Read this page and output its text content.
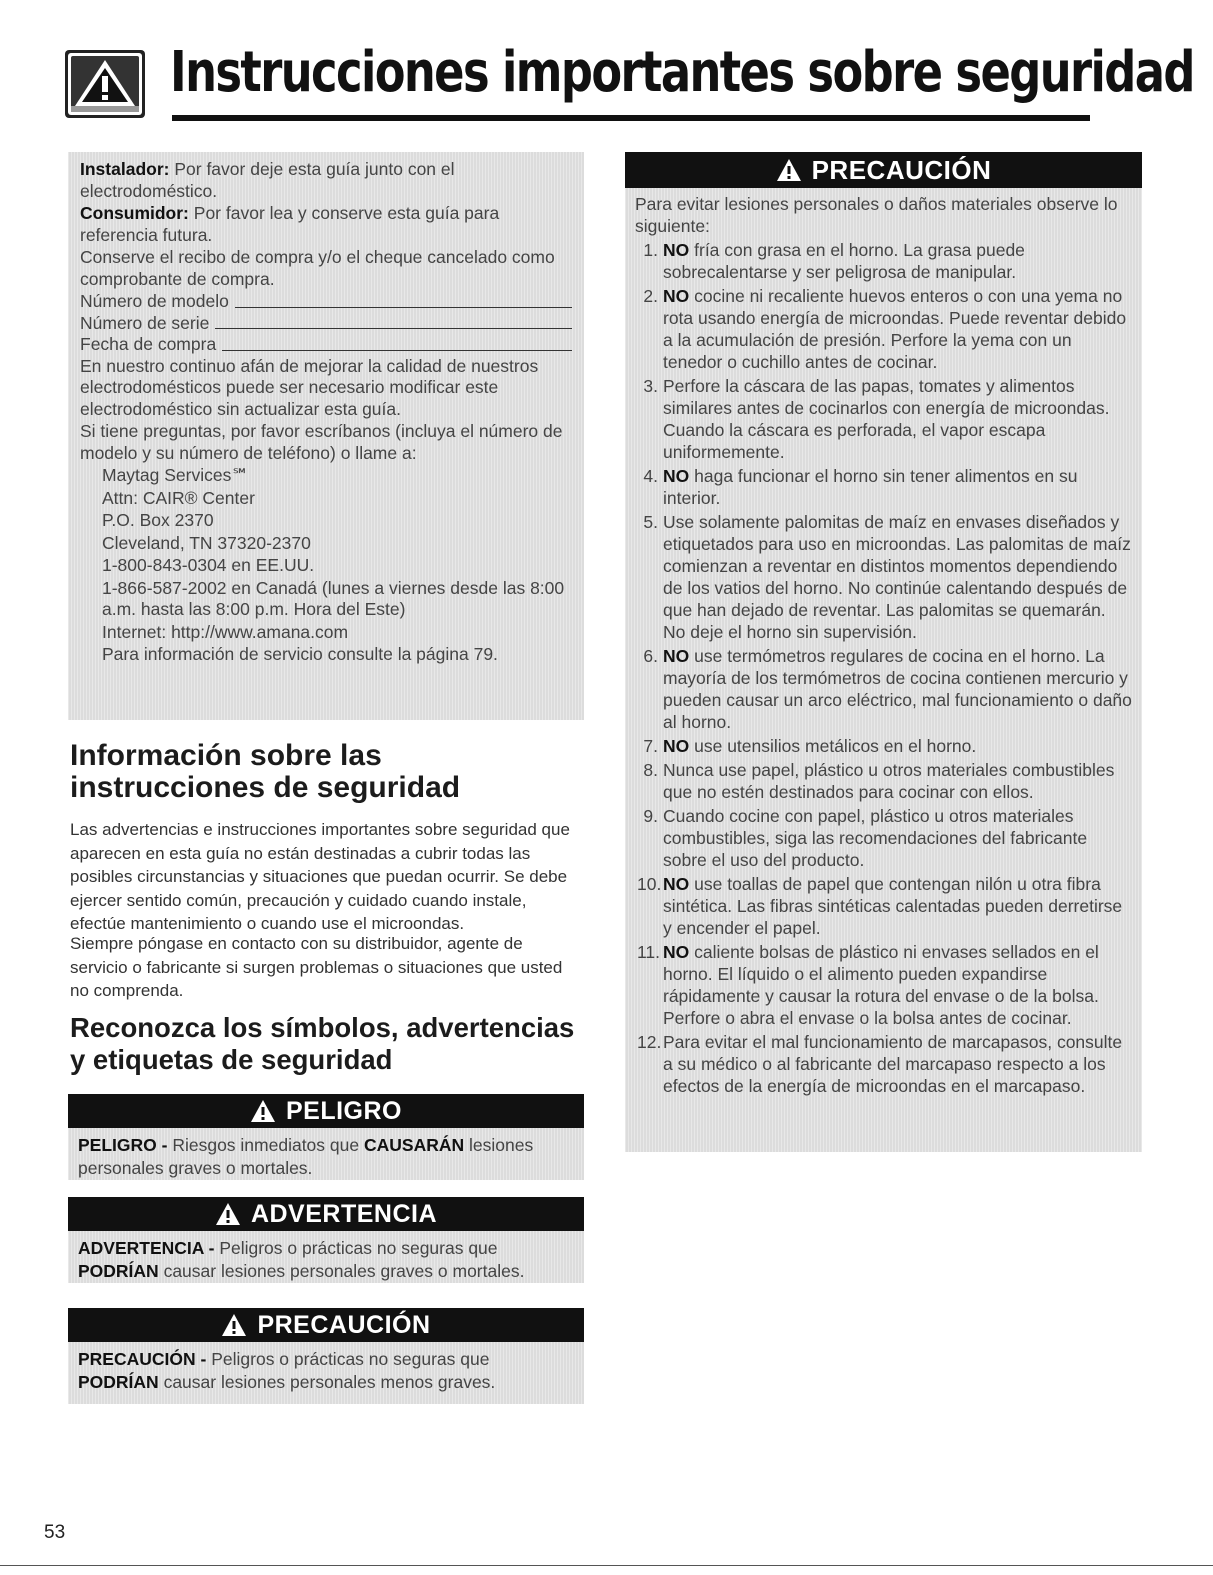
Instrucciones importantes sobre seguridad

Instalador: Por favor deje esta guía junto con el electrodoméstico.

Consumidor: Por favor lea y conserve esta guía para referencia futura.

Conserve el recibo de compra y/o el cheque cancelado como comprobante de compra.

Número de modelo
Número de serie
Fecha de compra

En nuestro continuo afán de mejorar la calidad de nuestros electrodomésticos puede ser necesario modificar este electrodoméstico sin actualizar esta guía.

Si tiene preguntas, por favor escríbanos (incluya el número de modelo y su número de teléfono) o llame a:

Maytag Services℠

Attn: CAIR® Center

P.O. Box 2370

Cleveland, TN 37320-2370

1-800-843-0304 en EE.UU.

1-866-587-2002 en Canadá (lunes a viernes desde las 8:00 a.m. hasta las 8:00 p.m. Hora del Este)

Internet: http://www.amana.com

Para información de servicio consulte la página 79.

Información sobre las instrucciones de seguridad
Las advertencias e instrucciones importantes sobre seguridad que aparecen en esta guía no están destinadas a cubrir todas las posibles circunstancias y situaciones que puedan ocurrir. Se debe ejercer sentido común, precaución y cuidado cuando instale, efectúe mantenimiento o cuando use el microondas.
Siempre póngase en contacto con su distribuidor, agente de servicio o fabricante si surgen problemas o situaciones que usted no comprenda.
Reconozca los símbolos, advertencias y etiquetas de seguridad
PELIGRO
PELIGRO - Riesgos inmediatos que CAUSARÁN lesiones personales graves o mortales.
ADVERTENCIA
ADVERTENCIA - Peligros o prácticas no seguras que PODRÍAN causar lesiones personales graves o mortales.
PRECAUCIÓN
PRECAUCIÓN - Peligros o prácticas no seguras que PODRÍAN causar lesiones personales menos graves.
PRECAUCIÓN
Para evitar lesiones personales o daños materiales observe lo siguiente:
1. NO fría con grasa en el horno. La grasa puede sobrecalentarse y ser peligrosa de manipular.
2. NO cocine ni recaliente huevos enteros o con una yema no rota usando energía de microondas. Puede reventar debido a la acumulación de presión. Perfore la yema con un tenedor o cuchillo antes de cocinar.
3. Perfore la cáscara de las papas, tomates y alimentos similares antes de cocinarlos con energía de microondas. Cuando la cáscara es perforada, el vapor escapa uniformemente.
4. NO haga funcionar el horno sin tener alimentos en su interior.
5. Use solamente palomitas de maíz en envases diseñados y etiquetados para uso en microondas. Las palomitas de maíz comienzan a reventar en distintos momentos dependiendo de los vatios del horno. No continúe calentando después de que han dejado de reventar. Las palomitas se quemarán. No deje el horno sin supervisión.
6. NO use termómetros regulares de cocina en el horno. La mayoría de los termómetros de cocina contienen mercurio y pueden causar un arco eléctrico, mal funcionamiento o daño al horno.
7. NO use utensilios metálicos en el horno.
8. Nunca use papel, plástico u otros materiales combustibles que no estén destinados para cocinar con ellos.
9. Cuando cocine con papel, plástico u otros materiales combustibles, siga las recomendaciones del fabricante sobre el uso del producto.
10. NO use toallas de papel que contengan nilón u otra fibra sintética. Las fibras sintéticas calentadas pueden derretirse y encender el papel.
11. NO caliente bolsas de plástico ni envases sellados en el horno. El líquido o el alimento pueden expandirse rápidamente y causar la rotura del envase o de la bolsa. Perfore o abra el envase o la bolsa antes de cocinar.
12. Para evitar el mal funcionamiento de marcapasos, consulte a su médico o al fabricante del marcapaso respecto a los efectos de la energía de microondas en el marcapaso.
53
